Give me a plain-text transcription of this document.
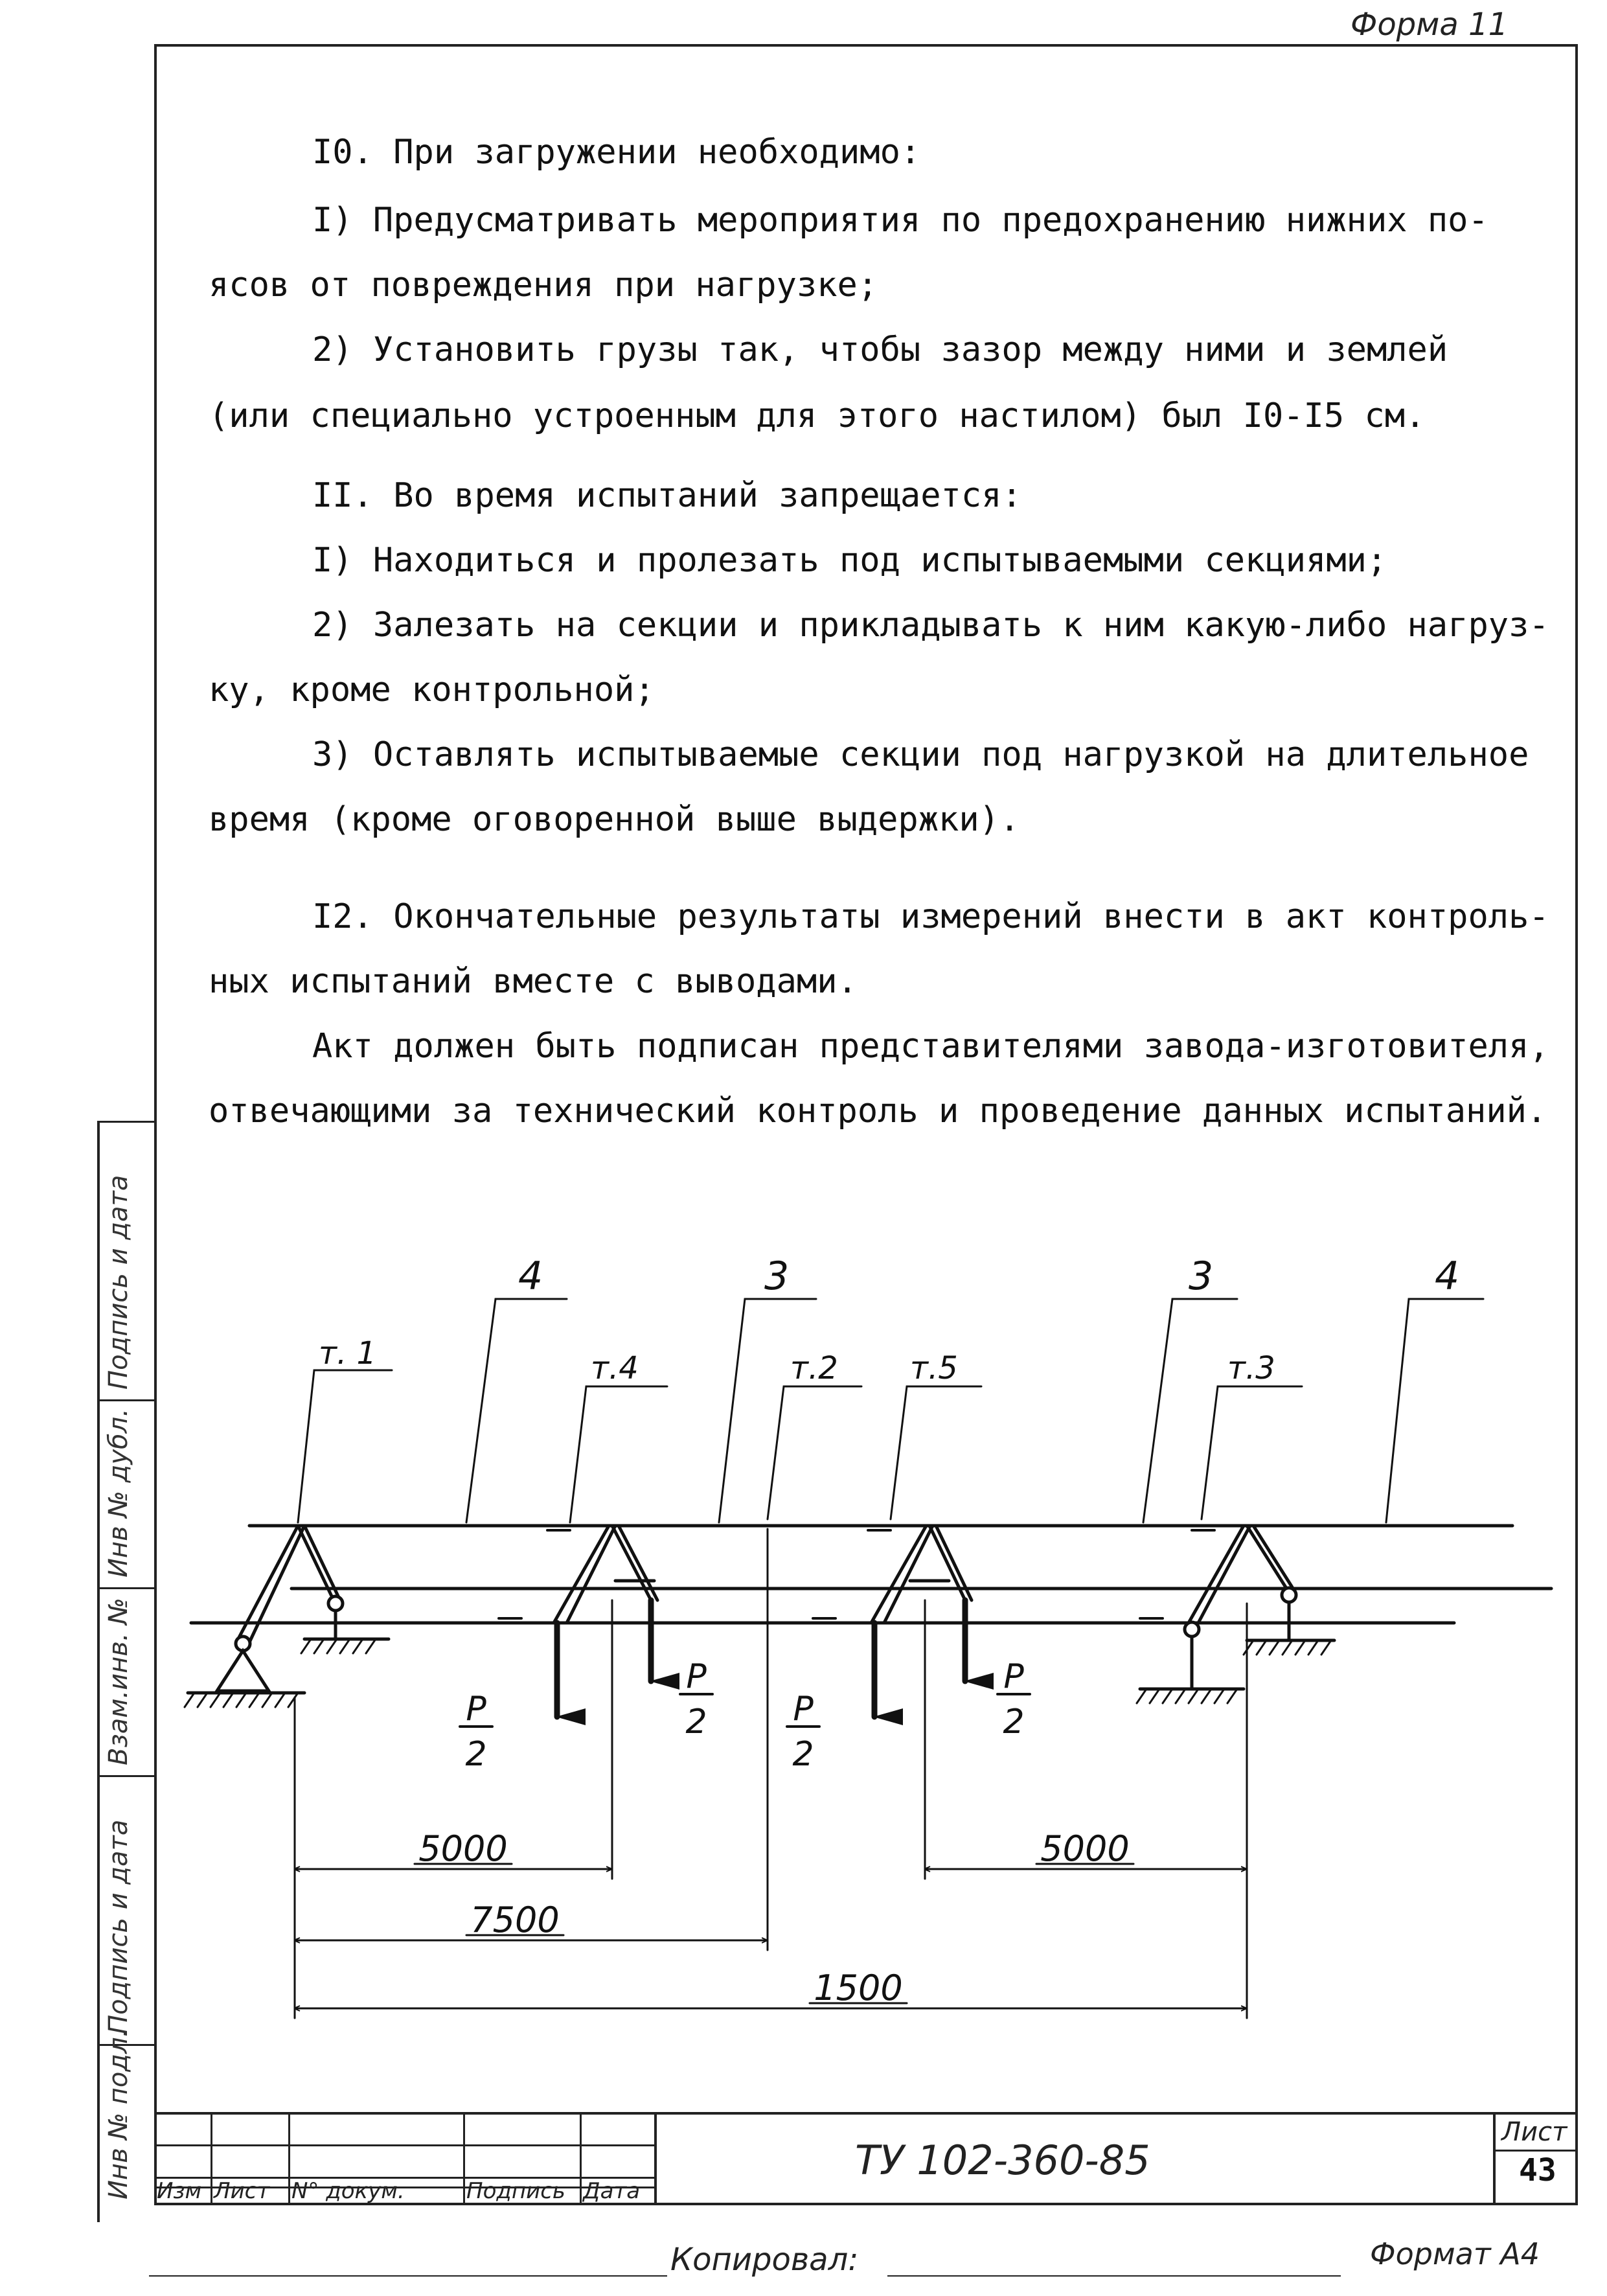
Форма 11
I0. При загружении необходимо:
I) Предусматривать мероприятия по предохранению нижних по-
ясов от повреждения при нагрузке;
2) Установить грузы так, чтобы зазор между ними и землей
(или специально устроенным для этого настилом) был I0-I5 см.
II. Во время испытаний запрещается:
I) Находиться и пролезать под испытываемыми секциями;
2) Залезать на секции и прикладывать к ним какую-либо нагруз-
ку, кроме контрольной;
3) Оставлять испытываемые секции под нагрузкой на длительное
время (кроме оговоренной выше выдержки).
I2. Окончательные результаты измерений внести в акт контроль-
ных испытаний вместе с выводами.
Акт должен быть подписан представителями завода-изготовителя,
отвечающими за технический контроль и проведение данных испытаний.
4	3	3	4
т. 1	т.4	т.2 т.5	т.3
P
2
P
2	P
2
P
2
5000	5000
7500
1500
Инв № подл.
Подпись и дата
Взам.инв. №
Инв № дубл.
Подпись и дата
Изм Лист N° докум.	Подпись Дата
ТУ 102-360-85
Лист
43
Копировал:	Формат А4
